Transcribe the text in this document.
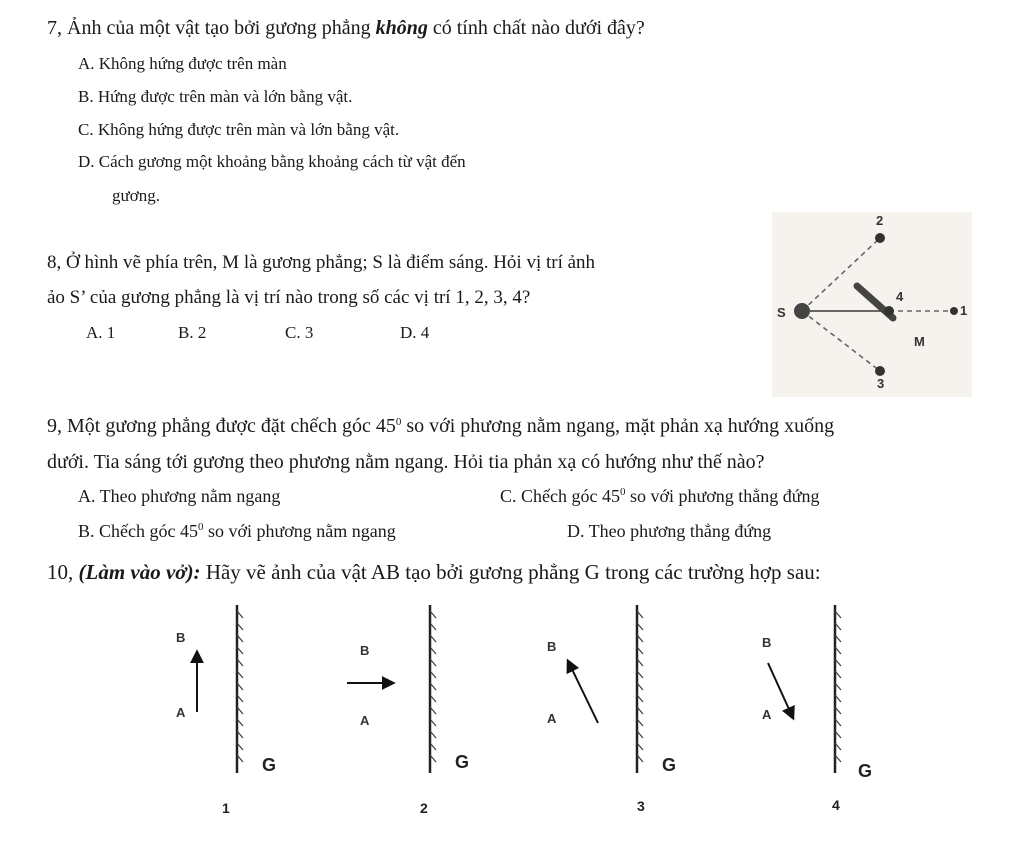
7, Ảnh của một vật tạo bởi gương phẳng không có tính chất nào dưới đây?
A. Không hứng được trên màn
B. Hứng được trên màn và lớn bằng vật.
C. Không hứng được trên màn và lớn bằng vật.
D. Cách gương một khoảng bằng khoảng cách từ vật đến
gương.
8, Ở hình vẽ phía trên, M là gương phẳng; S là điểm sáng. Hỏi vị trí ảnh
ảo S’ của gương phẳng là vị trí nào trong số các vị trí 1, 2, 3, 4?
A. 1	B. 2	C. 3	D. 4
S
2
3
4
1
M
9, Một gương phẳng được đặt chếch góc $45^0$ so với phương nằm ngang, mặt phản xạ hướng xuống
dưới. Tia sáng tới gương theo phương nằm ngang. Hỏi tia phản xạ có hướng như thế nào?
A. Theo phương nằm ngang	C. Chếch góc $45^0$ so với phương thẳng đứng
B. Chếch góc $45^0$ so với phương nằm ngang	D. Theo phương thẳng đứng
10, (Làm vào vở): Hãy vẽ ảnh của vật AB tạo bởi gương phẳng G trong các trường hợp sau:
B
A
G
1
B
A
G
2
B
A
G
3
B
A
G
4
